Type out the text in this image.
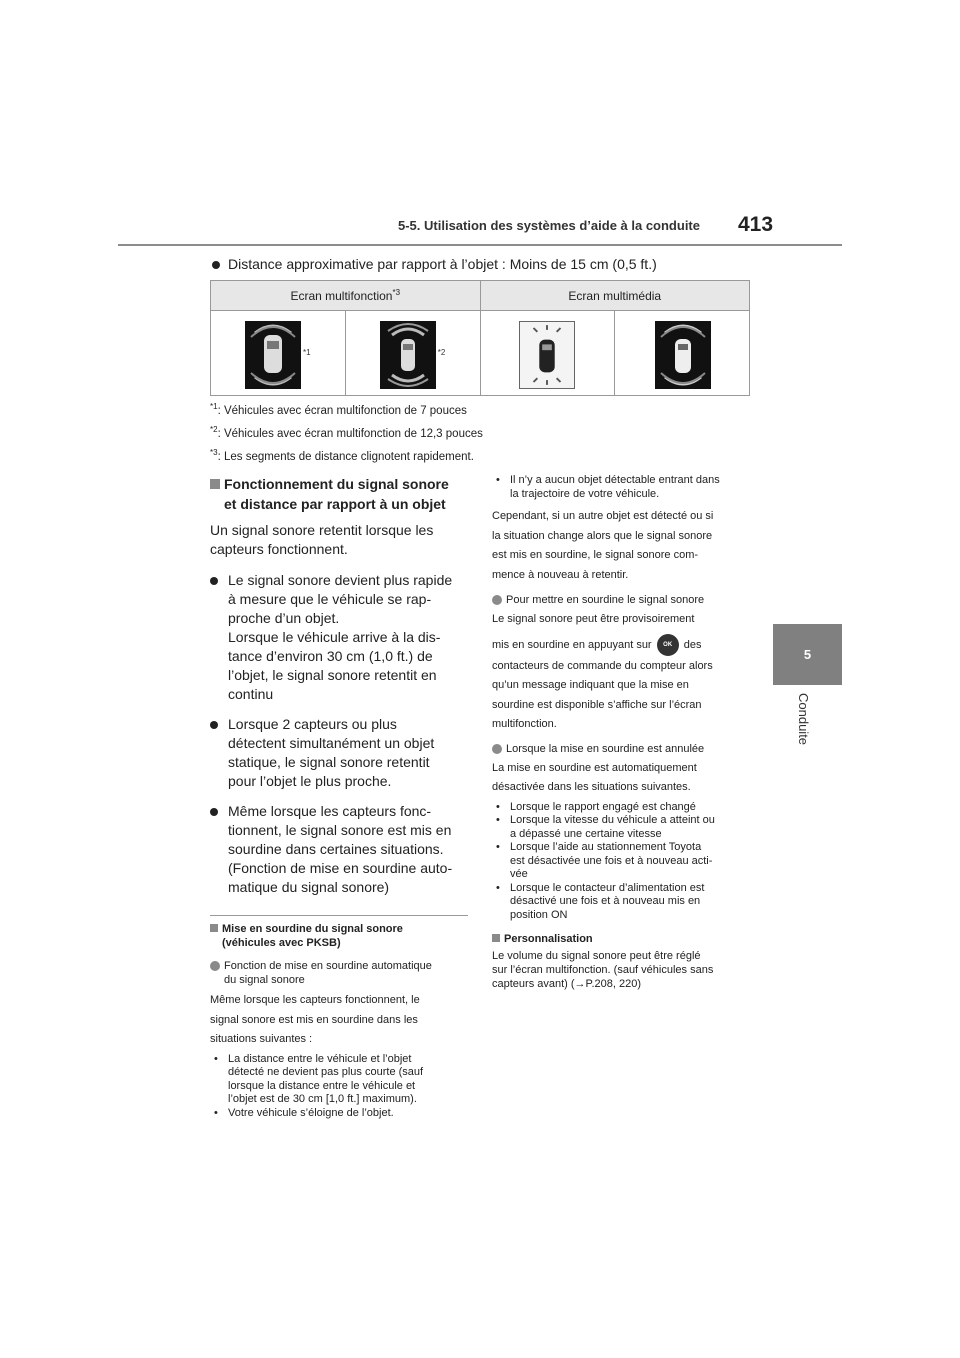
5-5. Utilisation des systèmes d’aide à la conduite 413
5
Conduite
Distance approximative par rapport à l’objet : Moins de 15 cm (0,5 ft.)
Ecran multifonction$^{*3}$		Ecran multimédia	

*1	*2

$^{*1}$: Véhicules avec écran multifonction de 7 pouces
$^{*2}$: Véhicules avec écran multifonction de 12,3 pouces
$^{*3}$: Les segments de distance clignotent rapidement.
Fonctionnement du signal sonore
et distance par rapport à un objet
Un signal sonore retentit lorsque les
capteurs fonctionnent.
Le signal sonore devient plus rapide
à mesure que le véhicule se rap-
proche d’un objet.
Lorsque le véhicule arrive à la dis-
tance d’environ 30 cm (1,0 ft.) de
l’objet, le signal sonore retentit en
continu
Lorsque 2 capteurs ou plus
détectent simultanément un objet
statique, le signal sonore retentit
pour l’objet le plus proche.
Même lorsque les capteurs fonc-
tionnent, le signal sonore est mis en
sourdine dans certaines situations.
(Fonction de mise en sourdine auto-
matique du signal sonore)
Mise en sourdine du signal sonore
(véhicules avec PKSB)
Fonction de mise en sourdine automatique
du signal sonore
Même lorsque les capteurs fonctionnent, le
signal sonore est mis en sourdine dans les
situations suivantes :
• La distance entre le véhicule et l’objet
détecté ne devient pas plus courte (sauf
lorsque la distance entre le véhicule et
l’objet est de 30 cm [1,0 ft.] maximum).
• Votre véhicule s’éloigne de l’objet.
• Il n’y a aucun objet détectable entrant dans
la trajectoire de votre véhicule.
Cependant, si un autre objet est détecté ou si
la situation change alors que le signal sonore
est mis en sourdine, le signal sonore com-
mence à nouveau à retentir.
Pour mettre en sourdine le signal sonore
Le signal sonore peut être provisoirement
mis en sourdine en appuyant sur OK des
contacteurs de commande du compteur alors
qu’un message indiquant que la mise en
sourdine est disponible s’affiche sur l’écran
multifonction.
Lorsque la mise en sourdine est annulée
La mise en sourdine est automatiquement
désactivée dans les situations suivantes.
• Lorsque le rapport engagé est changé
• Lorsque la vitesse du véhicule a atteint ou
a dépassé une certaine vitesse
• Lorsque l’aide au stationnement Toyota
est désactivée une fois et à nouveau acti-
vée
• Lorsque le contacteur d’alimentation est
désactivé une fois et à nouveau mis en
position ON
Personnalisation
Le volume du signal sonore peut être réglé
sur l’écran multifonction. (sauf véhicules sans
capteurs avant) (→P.208, 220)
